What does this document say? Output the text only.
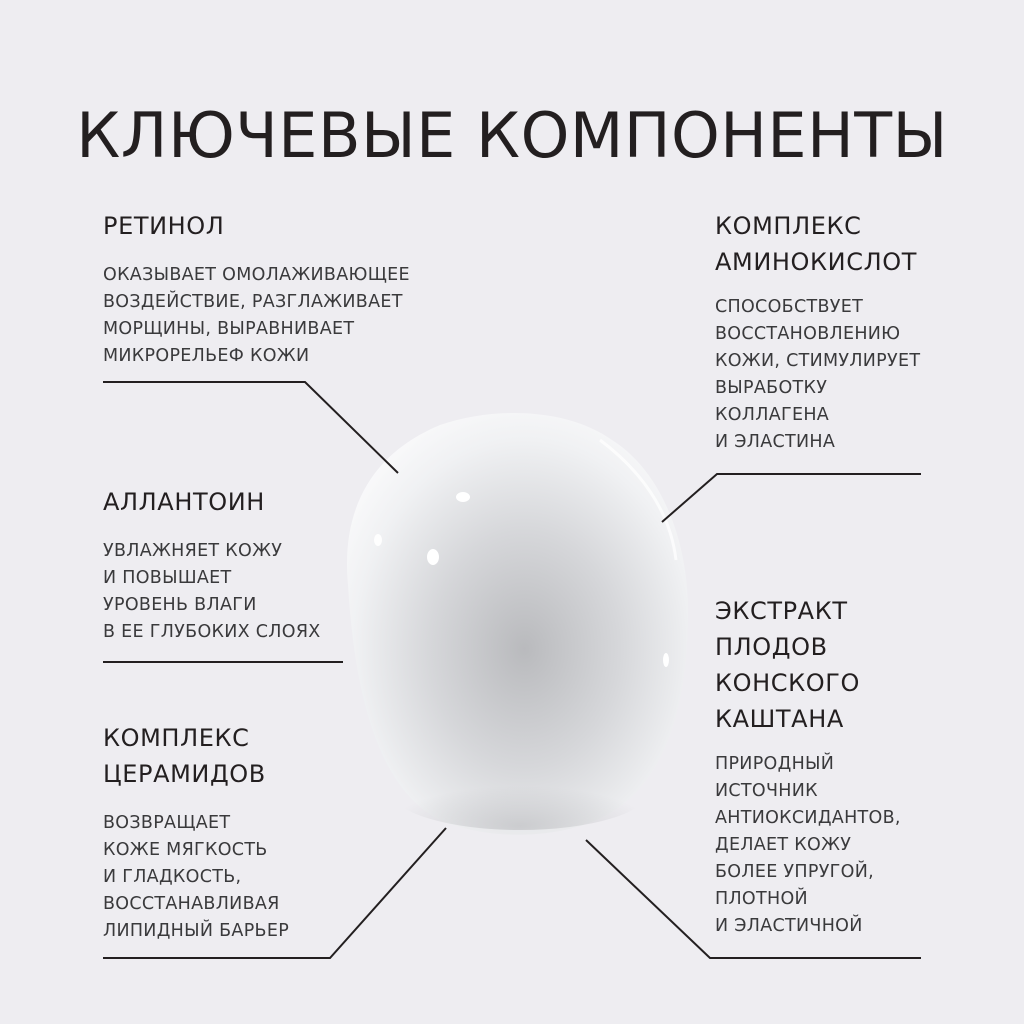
КЛЮЧЕВЫЕ КОМПОНЕНТЫ
РЕТИНОЛ

ОКАЗЫВАЕТ ОМОЛАЖИВАЮЩЕЕ
ВОЗДЕЙСТВИЕ, РАЗГЛАЖИВАЕТ
МОРЩИНЫ, ВЫРАВНИВАЕТ
МИКРОРЕЛЬЕФ КОЖИ

АЛЛАНТОИН

УВЛАЖНЯЕТ КОЖУ
И ПОВЫШАЕТ
УРОВЕНЬ ВЛАГИ
В ЕЕ ГЛУБОКИХ СЛОЯХ

КОМПЛЕКС
ЦЕРАМИДОВ

ВОЗВРАЩАЕТ
КОЖЕ МЯГКОСТЬ
И ГЛАДКОСТЬ,
ВОССТАНАВЛИВАЯ
ЛИПИДНЫЙ БАРЬЕР

КОМПЛЕКС
АМИНОКИСЛОТ

СПОСОБСТВУЕТ
ВОССТАНОВЛЕНИЮ
КОЖИ, СТИМУЛИРУЕТ
ВЫРАБОТКУ
КОЛЛАГЕНА
И ЭЛАСТИНА

ЭКСТРАКТ
ПЛОДОВ
КОНСКОГО
КАШТАНА

ПРИРОДНЫЙ
ИСТОЧНИК
АНТИОКСИДАНТОВ,
ДЕЛАЕТ КОЖУ
БОЛЕЕ УПРУГОЙ,
ПЛОТНОЙ
И ЭЛАСТИЧНОЙ
